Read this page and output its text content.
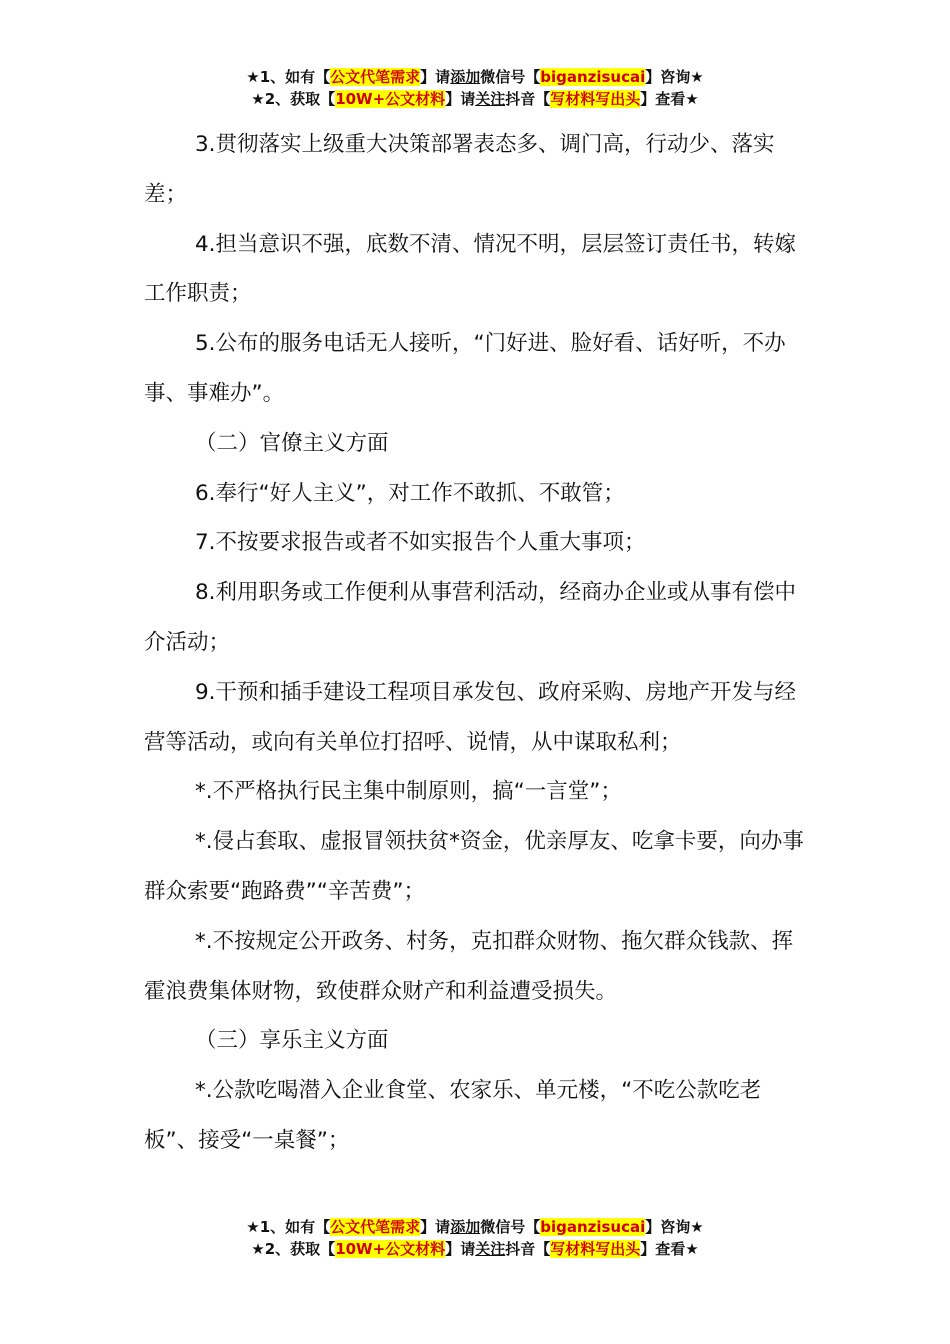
★1、如有【公文代笔需求】请添加微信号【biganzisucai】咨询★
★2、获取【10W+公文材料】请关注抖音【写材料写出头】查看★

3.贯彻落实上级重大决策部署表态多、调门高，行动少、落实差；

4.担当意识不强，底数不清、情况不明，层层签订责任书，转嫁工作职责；

5.公布的服务电话无人接听，“门好进、脸好看、话好听，不办事、事难办”。

（二）官僚主义方面

6.奉行“好人主义”，对工作不敢抓、不敢管；

7.不按要求报告或者不如实报告个人重大事项；

8.利用职务或工作便利从事营利活动，经商办企业或从事有偿中介活动；

9.干预和插手建设工程项目承发包、政府采购、房地产开发与经营等活动，或向有关单位打招呼、说情，从中谋取私利；

*.不严格执行民主集中制原则，搞“一言堂”；

*.侵占套取、虚报冒领扶贫*资金，优亲厚友、吃拿卡要，向办事群众索要“跑路费”“辛苦费”；

*.不按规定公开政务、村务，克扣群众财物、拖欠群众钱款、挥霍浪费集体财物，致使群众财产和利益遭受损失。

（三）享乐主义方面

*.公款吃喝潜入企业食堂、农家乐、单元楼，“不吃公款吃老板”、接受“一桌餐”；

★1、如有【公文代笔需求】请添加微信号【biganzisucai】咨询★
★2、获取【10W+公文材料】请关注抖音【写材料写出头】查看★
